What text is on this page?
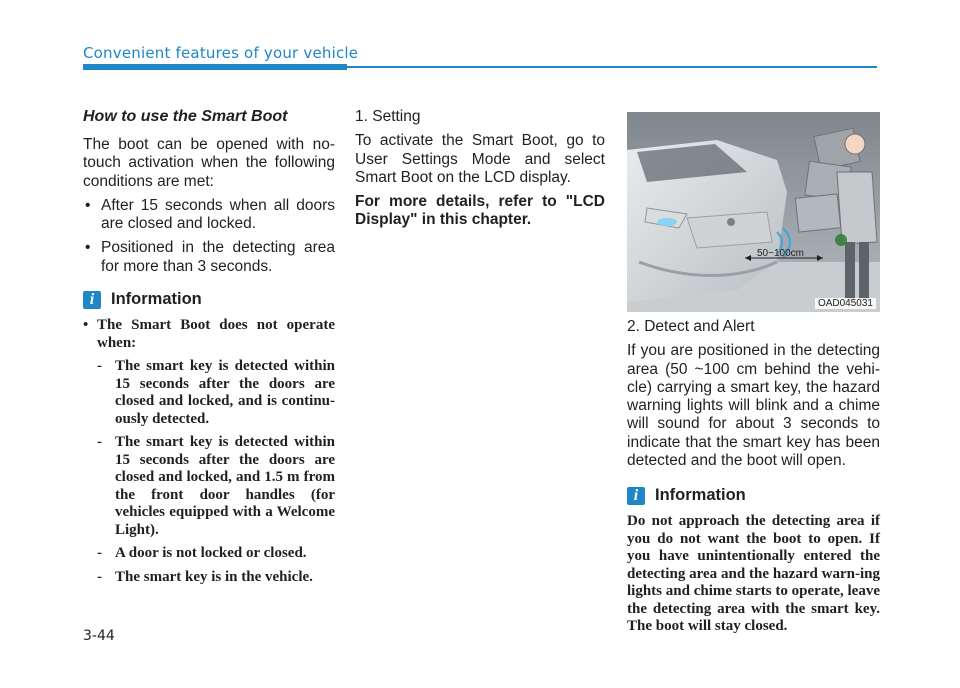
Convenient features of your vehicle
How to use the Smart Boot

The boot can be opened with no-touch activation when the following conditions are met:

• After 15 seconds when all doors are closed and locked.
• Positioned in the detecting area for more than 3 seconds.
i	Information
• The Smart Boot does not operate when:
- The smart key is detected within 15 seconds after the doors are closed and locked, and is continu-ously detected.
- The smart key is detected within 15 seconds after the doors are closed and locked, and 1.5 m from the front door handles (for vehicles equipped with a Welcome Light).
- A door is not locked or closed.
- The smart key is in the vehicle.

1. Setting

To activate the Smart Boot, go to User Settings Mode and select Smart Boot on the LCD display.

For more details, refer to "LCD Display" in this chapter.

50~100cm
OAD045031

2. Detect and Alert

If you are positioned in the detecting area (50 ~100 cm behind the vehi-cle) carrying a smart key, the hazard warning lights will blink and a chime will sound for about 3 seconds to indicate that the smart key has been detected and the boot will open.

i	Information

Do not approach the detecting area if you do not want the boot to open. If you have unintentionally entered the detecting area and the hazard warn-ing lights and chime starts to operate, leave the detecting area with the smart key. The boot will stay closed.

3-44
